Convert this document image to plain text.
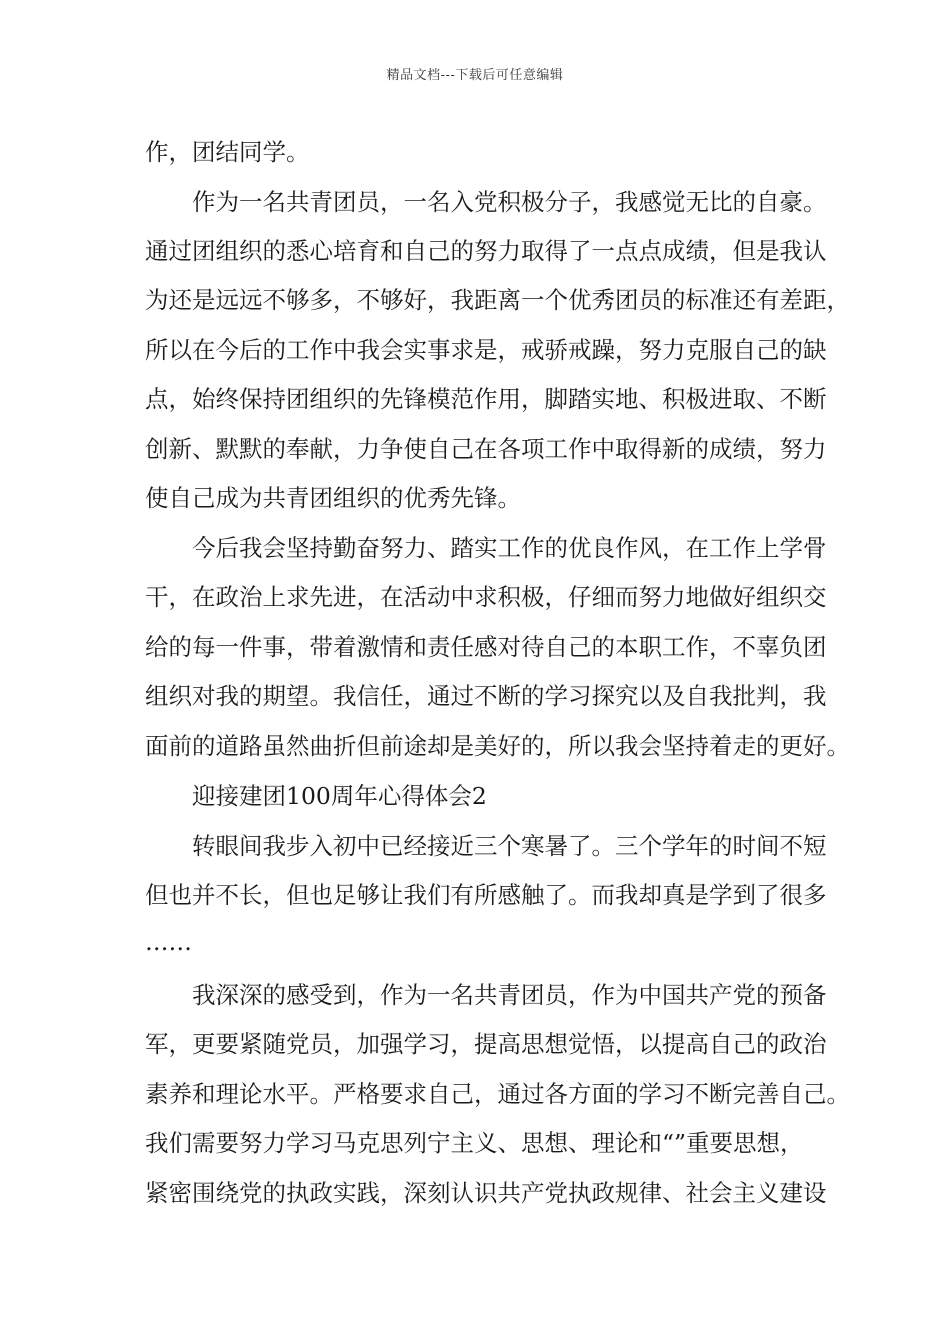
精品文档---下载后可任意编辑
作，团结同学。
作为一名共青团员，一名入党积极分子，我感觉无比的自豪。
通过团组织的悉心培育和自己的努力取得了一点点成绩，但是我认
为还是远远不够多，不够好，我距离一个优秀团员的标准还有差距，
所以在今后的工作中我会实事求是，戒骄戒躁，努力克服自己的缺
点，始终保持团组织的先锋模范作用，脚踏实地、积极进取、不断
创新、默默的奉献，力争使自己在各项工作中取得新的成绩，努力
使自己成为共青团组织的优秀先锋。
今后我会坚持勤奋努力、踏实工作的优良作风，在工作上学骨
干，在政治上求先进，在活动中求积极，仔细而努力地做好组织交
给的每一件事，带着激情和责任感对待自己的本职工作，不辜负团
组织对我的期望。我信任，通过不断的学习探究以及自我批判，我
面前的道路虽然曲折但前途却是美好的，所以我会坚持着走的更好。
迎接建团100周年心得体会2
转眼间我步入初中已经接近三个寒暑了。三个学年的时间不短
但也并不长，但也足够让我们有所感触了。而我却真是学到了很多
……
我深深的感受到，作为一名共青团员，作为中国共产党的预备
军，更要紧随党员，加强学习，提高思想觉悟，以提高自己的政治
素养和理论水平。严格要求自己，通过各方面的学习不断完善自己。
我们需要努力学习马克思列宁主义、思想、理论和“”重要思想，
紧密围绕党的执政实践，深刻认识共产党执政规律、社会主义建设
